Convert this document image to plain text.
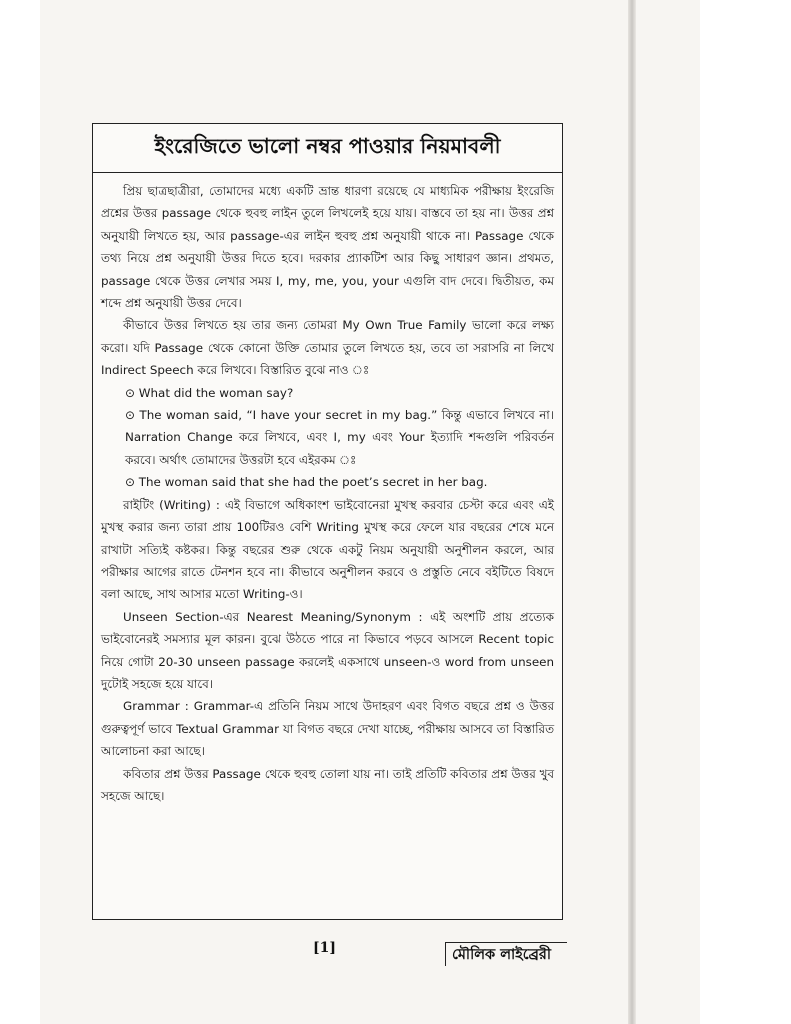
ইংরেজিতে ভালো নম্বর পাওয়ার নিয়মাবলী

প্রিয় ছাত্রছাত্রীরা, তোমাদের মধ্যে একটি ভ্রান্ত ধারণা রয়েছে যে মাধ্যমিক পরীক্ষায় ইংরেজি প্রশ্নের উত্তর passage থেকে হুবহু লাইন তুলে লিখলেই হয়ে যায়। বাস্তবে তা হয় না। উত্তর প্রশ্ন অনুযায়ী লিখতে হয়, আর passage-এর লাইন হুবহু প্রশ্ন অনুযায়ী থাকে না। Passage থেকে তথ্য নিয়ে প্রশ্ন অনুযায়ী উত্তর দিতে হবে। দরকার প্র্যাকটিশ আর কিছু সাধারণ জ্ঞান। প্রথমত, passage থেকে উত্তর লেখার সময় I, my, me, you, your এগুলি বাদ দেবে। দ্বিতীয়ত, কম শব্দে প্রশ্ন অনুযায়ী উত্তর দেবে।

কীভাবে উত্তর লিখতে হয় তার জন্য তোমরা My Own True Family ভালো করে লক্ষ্য করো। যদি Passage থেকে কোনো উক্তি তোমার তুলে লিখতে হয়, তবে তা সরাসরি না লিখে Indirect Speech করে লিখবে। বিস্তারিত বুঝে নাও ঃ

⊙ What did the woman say?

⊙ The woman said, “I have your secret in my bag.” কিন্তু এভাবে লিখবে না। Narration Change করে লিখবে, এবং I, my এবং Your ইত্যাদি শব্দগুলি পরিবর্তন করবে। অর্থাৎ তোমাদের উত্তরটা হবে এইরকম ঃ

⊙ The woman said that she had the poet’s secret in her bag.

রাইটিং (Writing) : এই বিভাগে অধিকাংশ ভাইবোনেরা মুখস্থ করবার চেস্টা করে এবং এই মুখস্থ করার জন্য তারা প্রায় 100টিরও বেশি Writing মুখস্থ করে ফেলে যার বছরের শেষে মনে রাখাটা সত্যিই কষ্টকর। কিন্তু বছরের শুরু থেকে একটু নিয়ম অনুযায়ী অনুশীলন করলে, আর পরীক্ষার আগের রাতে টেনশন হবে না। কীভাবে অনুশীলন করবে ও প্রস্তুতি নেবে বইটিতে বিষদে বলা আছে, সাথ আসার মতো Writing-ও।

Unseen Section-এর Nearest Meaning/Synonym : এই অংশটি প্রায় প্রত্যেক ভাইবোনেরই সমস্যার মূল কারন। বুঝে উঠতে পারে না কিভাবে পড়বে আসলে Recent topic নিয়ে গোটা 20-30 unseen passage করলেই একসাথে unseen-ও word from unseen দুটোই সহজে হয়ে যাবে।

Grammar : Grammar-এ প্রতিনি নিয়ম সাথে উদাহরণ এবং বিগত বছরে প্রশ্ন ও উত্তর গুরুত্বপূর্ণ ভাবে Textual Grammar যা বিগত বছরে দেখা যাচ্ছে, পরীক্ষায় আসবে তা বিস্তারিত আলোচনা করা আছে।

কবিতার প্রশ্ন উত্তর Passage থেকে হুবহু তোলা যায় না। তাই প্রতিটি কবিতার প্রশ্ন উত্তর খুব সহজে আছে।

[1]	মৌলিক লাইব্রেরী
